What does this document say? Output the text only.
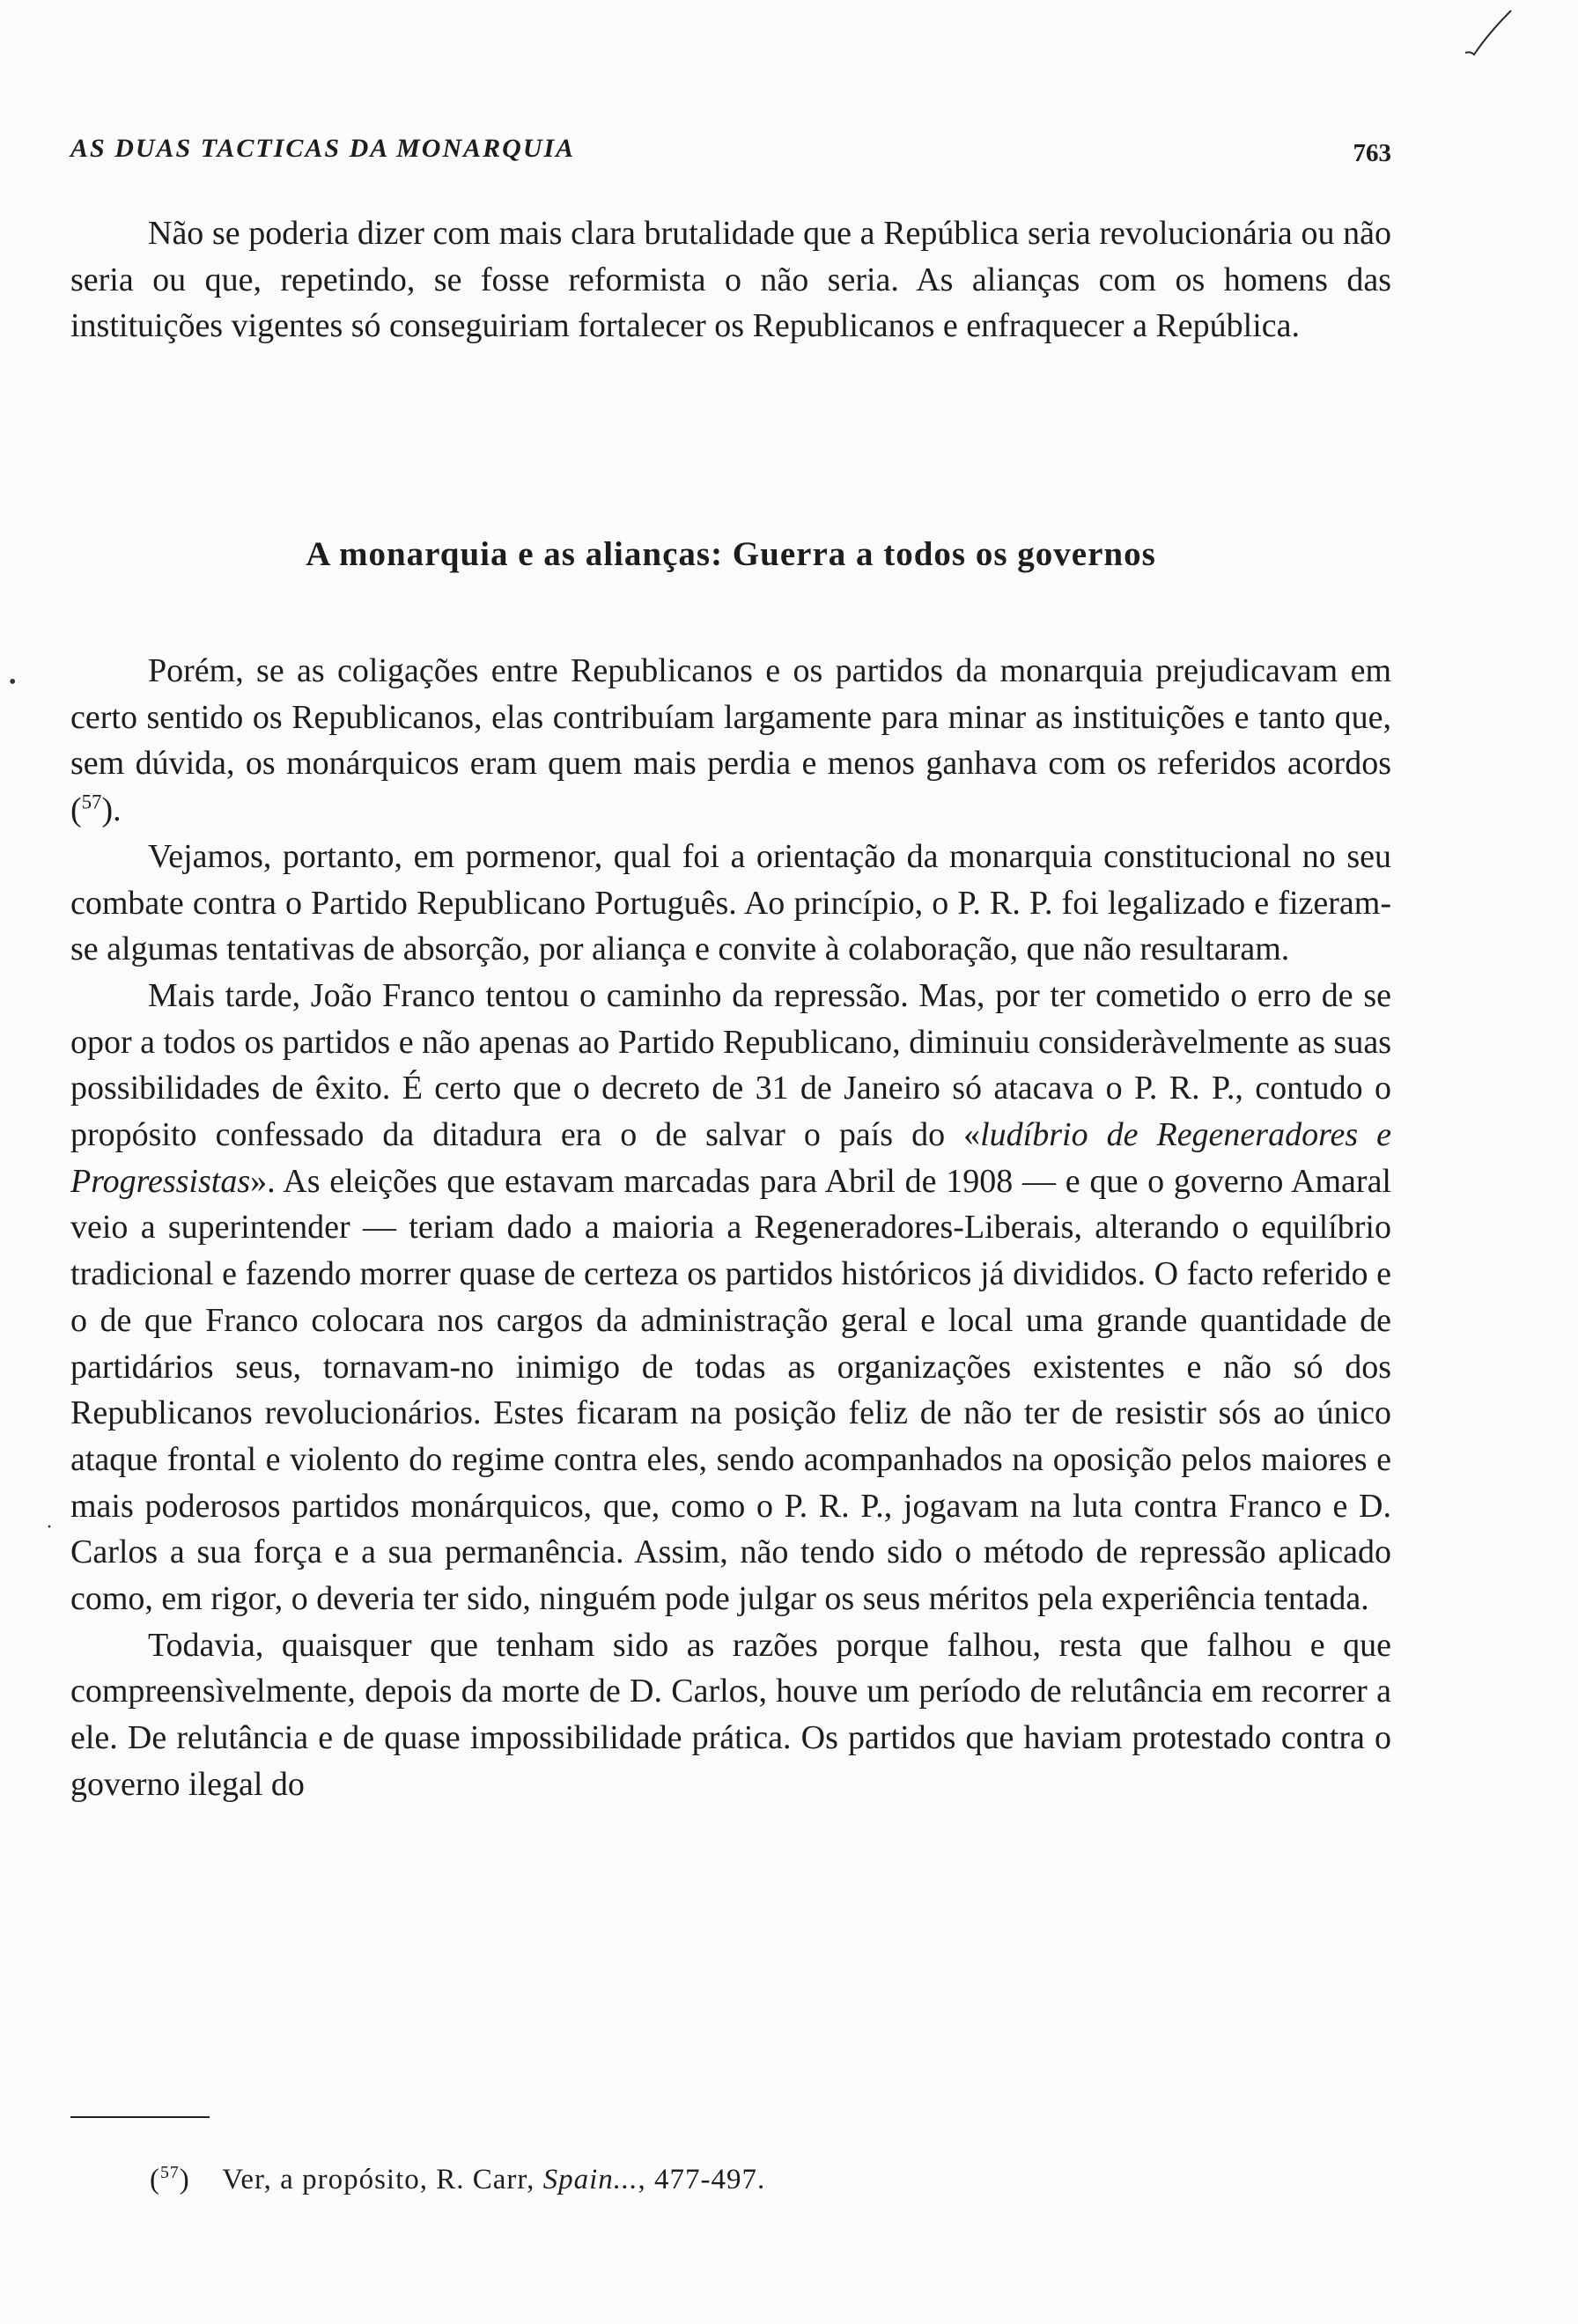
AS DUAS TACTICAS DA MONARQUIA	763

Não se poderia dizer com mais clara brutalidade que a República seria revolucionária ou não seria ou que, repetindo, se fosse reformista o não seria. As alianças com os homens das instituições vigentes só conseguiriam fortalecer os Republicanos e enfraquecer a República.

A monarquia e as alianças: Guerra a todos os governos
•
·

Porém, se as coligações entre Republicanos e os partidos da monarquia prejudicavam em certo sentido os Republicanos, elas contribuíam largamente para minar as instituições e tanto que, sem dúvida, os monárquicos eram quem mais perdia e menos ganhava com os referidos acordos ($^{57}$).

Vejamos, portanto, em pormenor, qual foi a orientação da monarquia constitucional no seu combate contra o Partido Republicano Português. Ao princípio, o P. R. P. foi legalizado e fizeram-se algumas tentativas de absorção, por aliança e convite à colaboração, que não resultaram.

Mais tarde, João Franco tentou o caminho da repressão. Mas, por ter cometido o erro de se opor a todos os partidos e não apenas ao Partido Republicano, diminuiu consideràvelmente as suas possibilidades de êxito. É certo que o decreto de 31 de Janeiro só atacava o P. R. P., contudo o propósito confessado da ditadura era o de salvar o país do «ludíbrio de Regeneradores e Progressistas». As eleições que estavam marcadas para Abril de 1908 — e que o governo Amaral veio a superintender — teriam dado a maioria a Regeneradores-Liberais, alterando o equilíbrio tradicional e fazendo morrer quase de certeza os partidos históricos já divididos. O facto referido e o de que Franco colocara nos cargos da administração geral e local uma grande quantidade de partidários seus, tornavam-no inimigo de todas as organizações existentes e não só dos Republicanos revolucionários. Estes ficaram na posição feliz de não ter de resistir sós ao único ataque frontal e violento do regime contra eles, sendo acompanhados na oposição pelos maiores e mais poderosos partidos monárquicos, que, como o P. R. P., jogavam na luta contra Franco e D. Carlos a sua força e a sua permanência. Assim, não tendo sido o método de repressão aplicado como, em rigor, o deveria ter sido, ninguém pode julgar os seus méritos pela experiência tentada.

Todavia, quaisquer que tenham sido as razões porque falhou, resta que falhou e que compreensìvelmente, depois da morte de D. Carlos, houve um período de relutância em recorrer a ele. De relutância e de quase impossibilidade prática. Os partidos que haviam protestado contra o governo ilegal do

($^{57}$) Ver, a propósito, R. Carr, Spain..., 477-497.
